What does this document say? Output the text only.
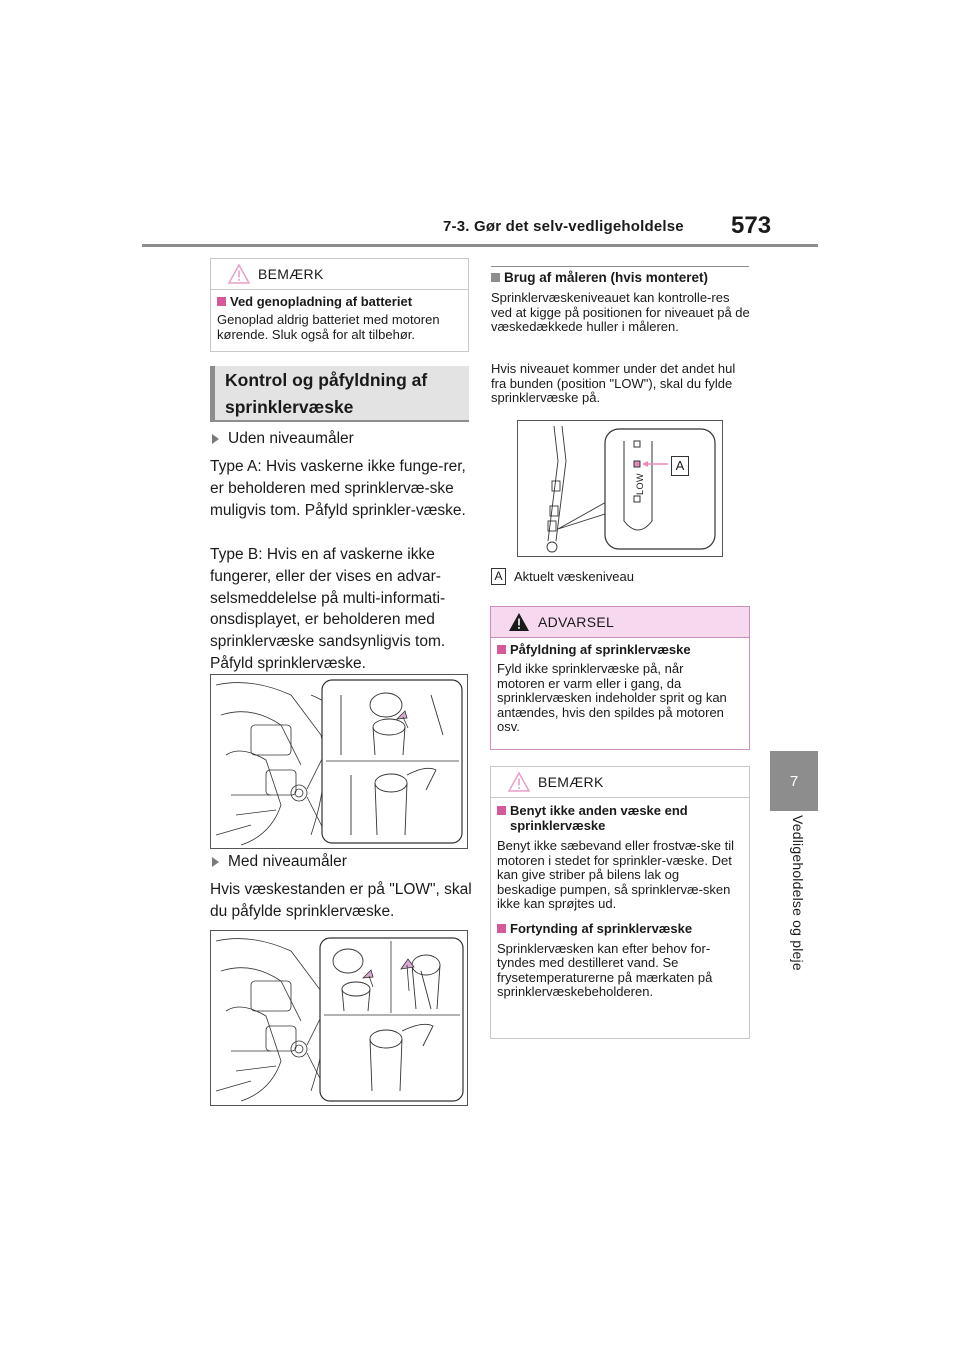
7-3. Gør det selv-vedligeholdelse 573
7
Vedligeholdelse og pleje
BEMÆRK
Ved genopladning af batteriet
Genoplad aldrig batteriet med motoren kørende. Sluk også for alt tilbehør.
Kontrol og påfyldning af
sprinklervæske
Uden niveaumåler
Type A: Hvis vaskerne ikke funge-rer, er beholderen med sprinklervæ-ske muligvis tom. Påfyld sprinkler-væske.
Type B: Hvis en af vaskerne ikke fungerer, eller der vises en advar-selsmeddelelse på multi-informati-onsdisplayet, er beholderen med sprinklervæske sandsynligvis tom. Påfyld sprinklervæske.
Med niveaumåler
Hvis væskestanden er på "LOW", skal du påfylde sprinklervæske.
Brug af måleren (hvis monteret)
Sprinklervæskeniveauet kan kontrolle-res ved at kigge på positionen for niveauet på de væskedækkede huller i måleren.
Hvis niveauet kommer under det andet hul fra bunden (position "LOW"), skal du fylde sprinklervæske på.
LOW
A
A Aktuelt væskeniveau
ADVARSEL
Påfyldning af sprinklervæske
Fyld ikke sprinklervæske på, når motoren er varm eller i gang, da sprinklervæsken indeholder sprit og kan antændes, hvis den spildes på motoren osv.
BEMÆRK
Benyt ikke anden væske end sprinklervæske
Benyt ikke sæbevand eller frostvæ-ske til motoren i stedet for sprinkler-væske. Det kan give striber på bilens lak og beskadige pumpen, så sprinklervæ-sken ikke kan sprøjtes ud.
Fortynding af sprinklervæske
Sprinklervæsken kan efter behov for-tyndes med destilleret vand. Se frysetemperaturerne på mærkaten på sprinklervæskebeholderen.
